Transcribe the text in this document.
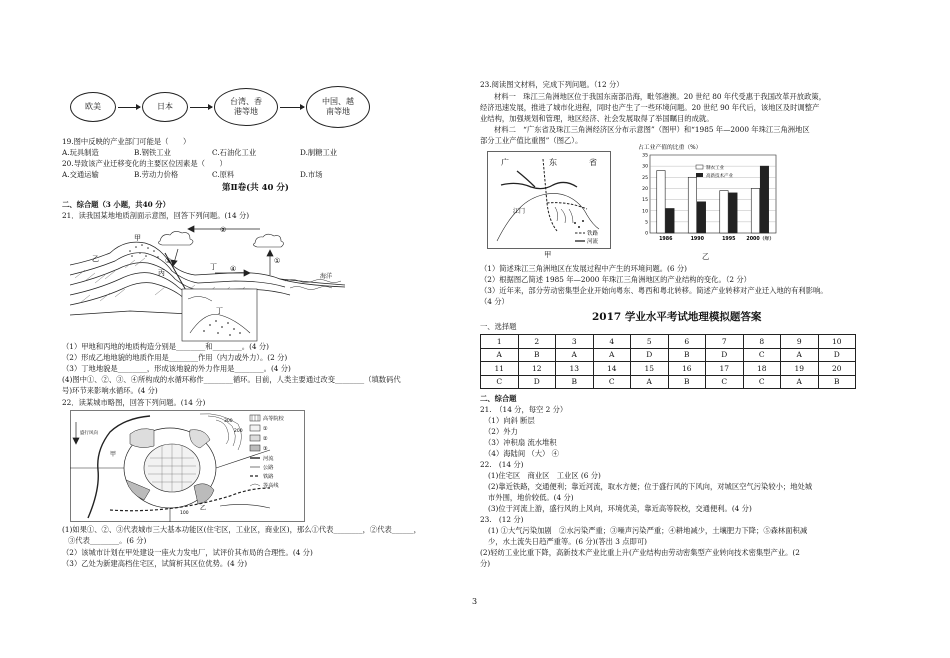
欧美	日本
台湾、香
港等地
中国、越
南等地
19.图中反映的产业部门可能是（　　）
A.玩具制造	B.钢铁工业	C.石油化工业	D.制糖工业
20.导致该产业迁移变化的主要区位因素是（　　）
A.交通运输	B.劳动力价格	C.原料	D.市场
第Ⅱ卷(共 40 分)
二、综合题（3 小题，共40 分）
21．读我国某地地质剖面示意图，回答下列问题。(14 分)
甲
乙
丙
丁
丁
海洋
①
②
③
④
（1）甲地和丙地的地质构造分别是________和________。(4 分)
（2）形成乙地地貌的地质作用是________作用（内力或外力）。(2 分)
（3）丁地地貌是________，形成该地貌的外力作用是________。(4 分)
(4)图中①、②、③、④所构成的水循环称作________循环。目前，人类主要通过改变________（填数码代
号)环节来影响水循环。(4 分)
22．读某城市略图，回答下列问题。(14 分)
300
200
100
盛行风向
甲
乙
高等院校
①
②
③
河流
公路
铁路
等高线
(1)如果①、②、③代表城市三大基本功能区(住宅区，工业区，商业区)，那么①代表________，②代表______，
③代表________。(6 分)
（2）该城市计划在甲处建设一座火力发电厂，试评价其布局的合理性。(4 分)
（3）乙处为新建高档住宅区，试简析其区位优势。(4 分)
23.阅读图文材料，完成下列问题。（12 分）
材料一　珠江三角洲地区位于我国东南部沿海，毗邻港澳。20 世纪 80 年代受惠于我国改革开放政策，
经济迅速发展，推进了城市化进程，同时也产生了一些环境问题。20 世纪 90 年代后，该地区及时调整产
业结构，加强规划和管理，地区经济、社会发展取得了举国瞩目的成就。
材料二　“广东省及珠江三角洲经济区分布示意图”（图甲）和“1985 年—2000 年珠江三角洲地区
部分工业产值比重图”（图乙）。
广	东	省
江门
铁路
河流
甲
占工业产值的比重（%）
0
5
10
15
20
25
30
35
1986	1990	1995 2000（年）
制衣工业
高新技术产业
乙
（1）简述珠江三角洲地区在发展过程中产生的环境问题。(6 分)
（2）根据图乙简述 1985 年—2000 年珠江三角洲地区的产业结构的变化。（2 分）
（3）近年来，部分劳动密集型企业开始向粤东、粤西和粤北转移。简述产业转移对产业迁入地的有利影响。
（4 分）
2017 学业水平考试地理模拟题答案
一、选择题
1	2	3	4	5	6	7	8	9	10
A	B	A	A	D	B	D	C	A	D
11	12	13	14	15	16	17	18	19	20
C	D	B	C	A	B	C	C	A	B
二、综合题
21.　（14 分，每空 2 分）
（1）向斜 断层
（2）外力
（3）冲积扇 流水堆积
（4）海陆间 （大） ④
22.　(14 分)
(1)住宅区　商业区　工业区 (6 分)
(2)靠近铁路，交通便利；靠近河流，取水方便；位于盛行风的下风向，对城区空气污染较小；地处城
市外围，地价较低。(4 分)
(3)位于河流上游，盛行风的上风向，环境优美，靠近高等院校，交通便利。(4 分)
23.　(12 分)
(1) ①大气污染加剧　②水污染严重；③噪声污染严重；④耕地减少，土壤肥力下降；⑤森林面积减
少，水土流失日趋严重等。(6 分)(答出 3 点即可)
(2)轻纺工业比重下降，高新技术产业比重上升(产业结构由劳动密集型产业转向技术密集型产业。(2
分)
3
